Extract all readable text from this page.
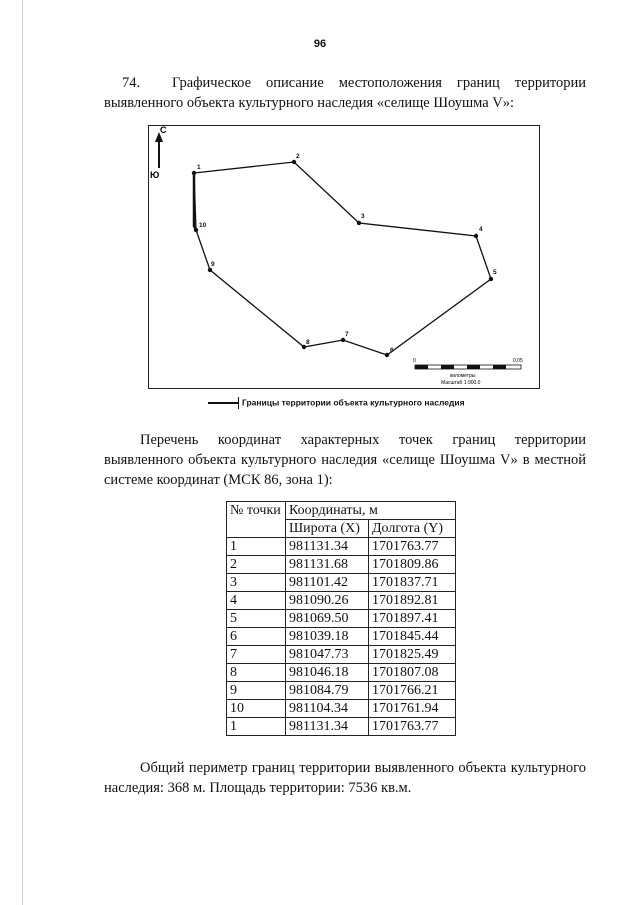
96
74. Графическое описание местоположения границ территории выявленного объекта культурного наследия «селище Шоушма V»:
С
Ю
1
2
3
4
5
6
7
8
9
10
0	0,05
километры
Масштаб 1:900.0
Границы территории объекта культурного наследия
Перечень координат характерных точек границ территории выявленного объекта культурного наследия «селище Шоушма V» в местной системе координат (МСК 86, зона 1):
№ точки	Координаты, м	
	Широта (X)	Долгота (Y)
1	981131.34	1701763.77
2	981131.68	1701809.86
3	981101.42	1701837.71
4	981090.26	1701892.81
5	981069.50	1701897.41
6	981039.18	1701845.44
7	981047.73	1701825.49
8	981046.18	1701807.08
9	981084.79	1701766.21
10	981104.34	1701761.94
1	981131.34	1701763.77
Общий периметр границ территории выявленного объекта культурного наследия: 368 м. Площадь территории: 7536 кв.м.
